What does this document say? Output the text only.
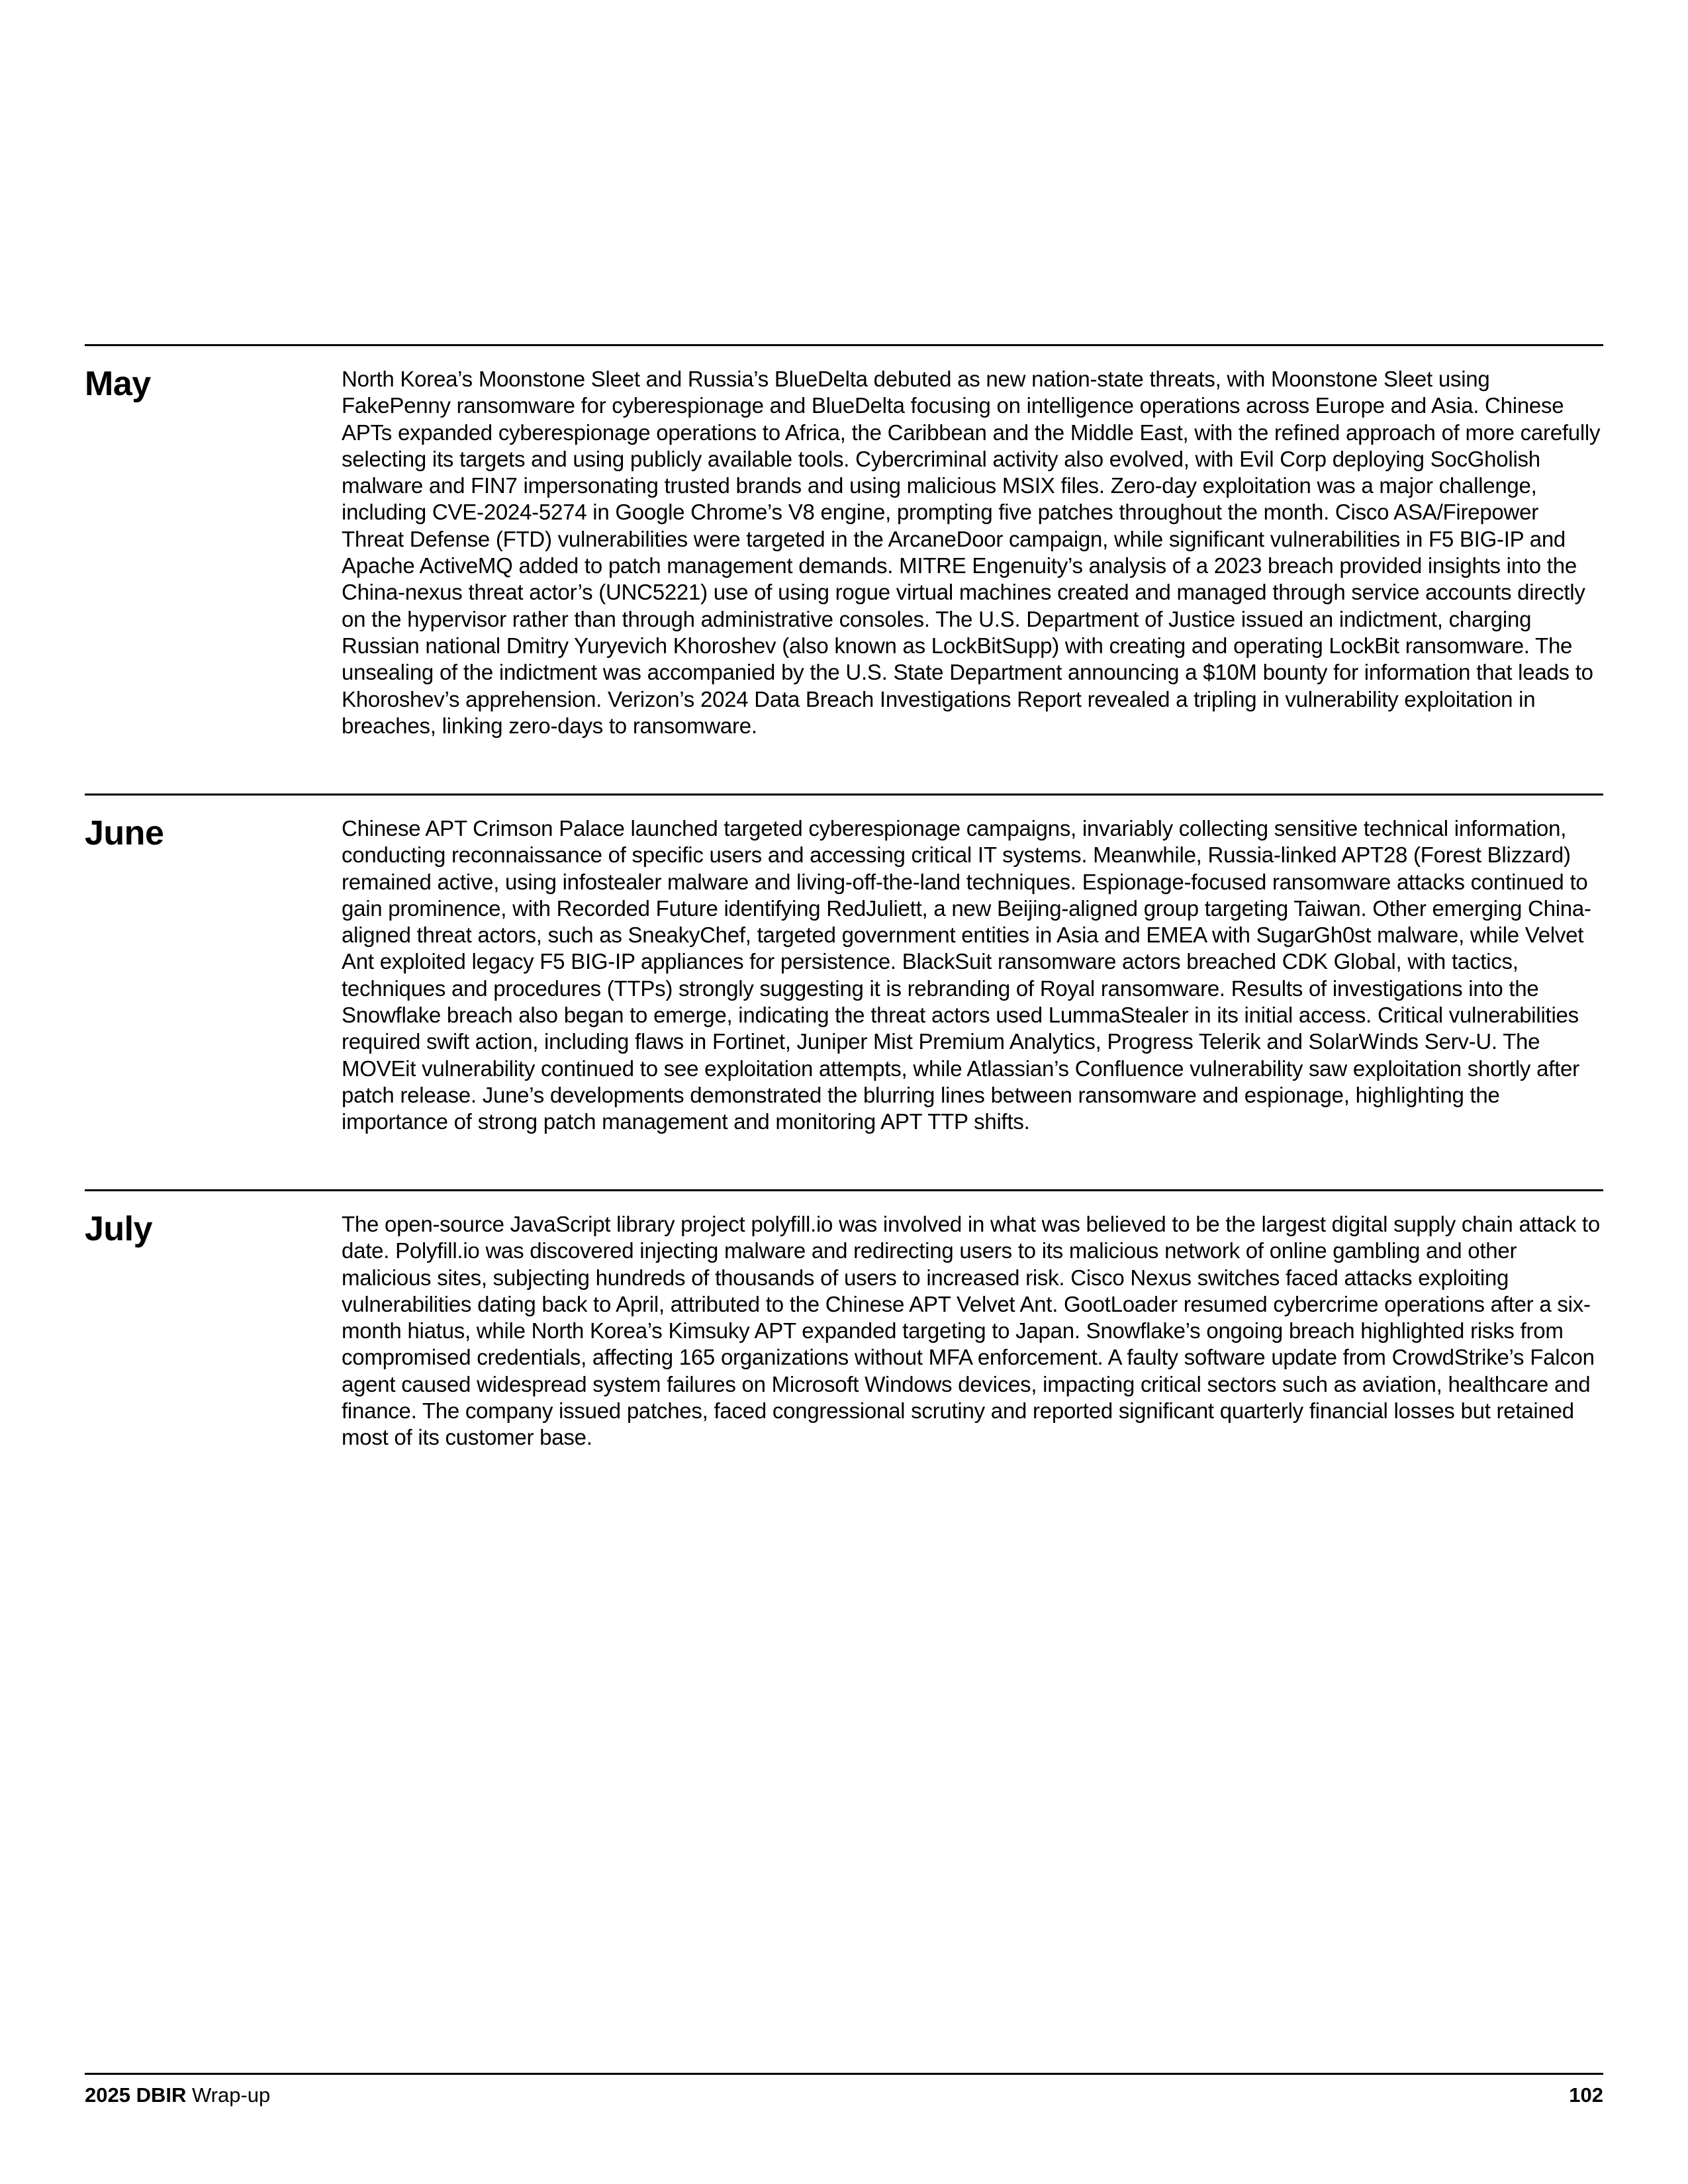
May	North Korea’s Moonstone Sleet and Russia’s BlueDelta debuted as new nation-state threats, with Moonstone Sleet using FakePenny ransomware for cyberespionage and BlueDelta focusing on intelligence operations across Europe and Asia. Chinese APTs expanded cyberespionage operations to Africa, the Caribbean and the Middle East, with the refined approach of more carefully selecting its targets and using publicly available tools. Cybercriminal activity also evolved, with Evil Corp deploying SocGholish malware and FIN7 impersonating trusted brands and using malicious MSIX files. Zero-day exploitation was a major challenge, including CVE-2024-5274 in Google Chrome’s V8 engine, prompting five patches throughout the month. Cisco ASA/Firepower Threat Defense (FTD) vulnerabilities were targeted in the ArcaneDoor campaign, while significant vulnerabilities in F5 BIG-IP and Apache ActiveMQ added to patch management demands. MITRE Engenuity’s analysis of a 2023 breach provided insights into the China-nexus threat actor’s (UNC5221) use of using rogue virtual machines created and managed through service accounts directly on the hypervisor rather than through administrative consoles. The U.S. Department of Justice issued an indictment, charging Russian national Dmitry Yuryevich Khoroshev (also known as LockBitSupp) with creating and operating LockBit ransomware. The unsealing of the indictment was accompanied by the U.S. State Department announcing a $10M bounty for information that leads to Khoroshev’s apprehension. Verizon’s 2024 Data Breach Investigations Report revealed a tripling in vulnerability exploitation in breaches, linking zero-days to ransomware.

June	Chinese APT Crimson Palace launched targeted cyberespionage campaigns, invariably collecting sensitive technical information, conducting reconnaissance of specific users and accessing critical IT systems. Meanwhile, Russia-linked APT28 (Forest Blizzard) remained active, using infostealer malware and living-off-the-land techniques. Espionage-focused ransomware attacks continued to gain prominence, with Recorded Future identifying RedJuliett, a new Beijing-aligned group targeting Taiwan. Other emerging China-aligned threat actors, such as SneakyChef, targeted government entities in Asia and EMEA with SugarGh0st malware, while Velvet Ant exploited legacy F5 BIG-IP appliances for persistence. BlackSuit ransomware actors breached CDK Global, with tactics, techniques and procedures (TTPs) strongly suggesting it is rebranding of Royal ransomware. Results of investigations into the Snowflake breach also began to emerge, indicating the threat actors used LummaStealer in its initial access. Critical vulnerabilities required swift action, including flaws in Fortinet, Juniper Mist Premium Analytics, Progress Telerik and SolarWinds Serv-U. The MOVEit vulnerability continued to see exploitation attempts, while Atlassian’s Confluence vulnerability saw exploitation shortly after patch release. June’s developments demonstrated the blurring lines between ransomware and espionage, highlighting the importance of strong patch management and monitoring APT TTP shifts.

July	The open-source JavaScript library project polyfill.io was involved in what was believed to be the largest digital supply chain attack to date. Polyfill.io was discovered injecting malware and redirecting users to its malicious network of online gambling and other malicious sites, subjecting hundreds of thousands of users to increased risk. Cisco Nexus switches faced attacks exploiting vulnerabilities dating back to April, attributed to the Chinese APT Velvet Ant. GootLoader resumed cybercrime operations after a six-month hiatus, while North Korea’s Kimsuky APT expanded targeting to Japan. Snowflake’s ongoing breach highlighted risks from compromised credentials, affecting 165 organizations without MFA enforcement. A faulty software update from CrowdStrike’s Falcon agent caused widespread system failures on Microsoft Windows devices, impacting critical sectors such as aviation, healthcare and finance. The company issued patches, faced congressional scrutiny and reported significant quarterly financial losses but retained most of its customer base.

2025 DBIR Wrap-up	102
